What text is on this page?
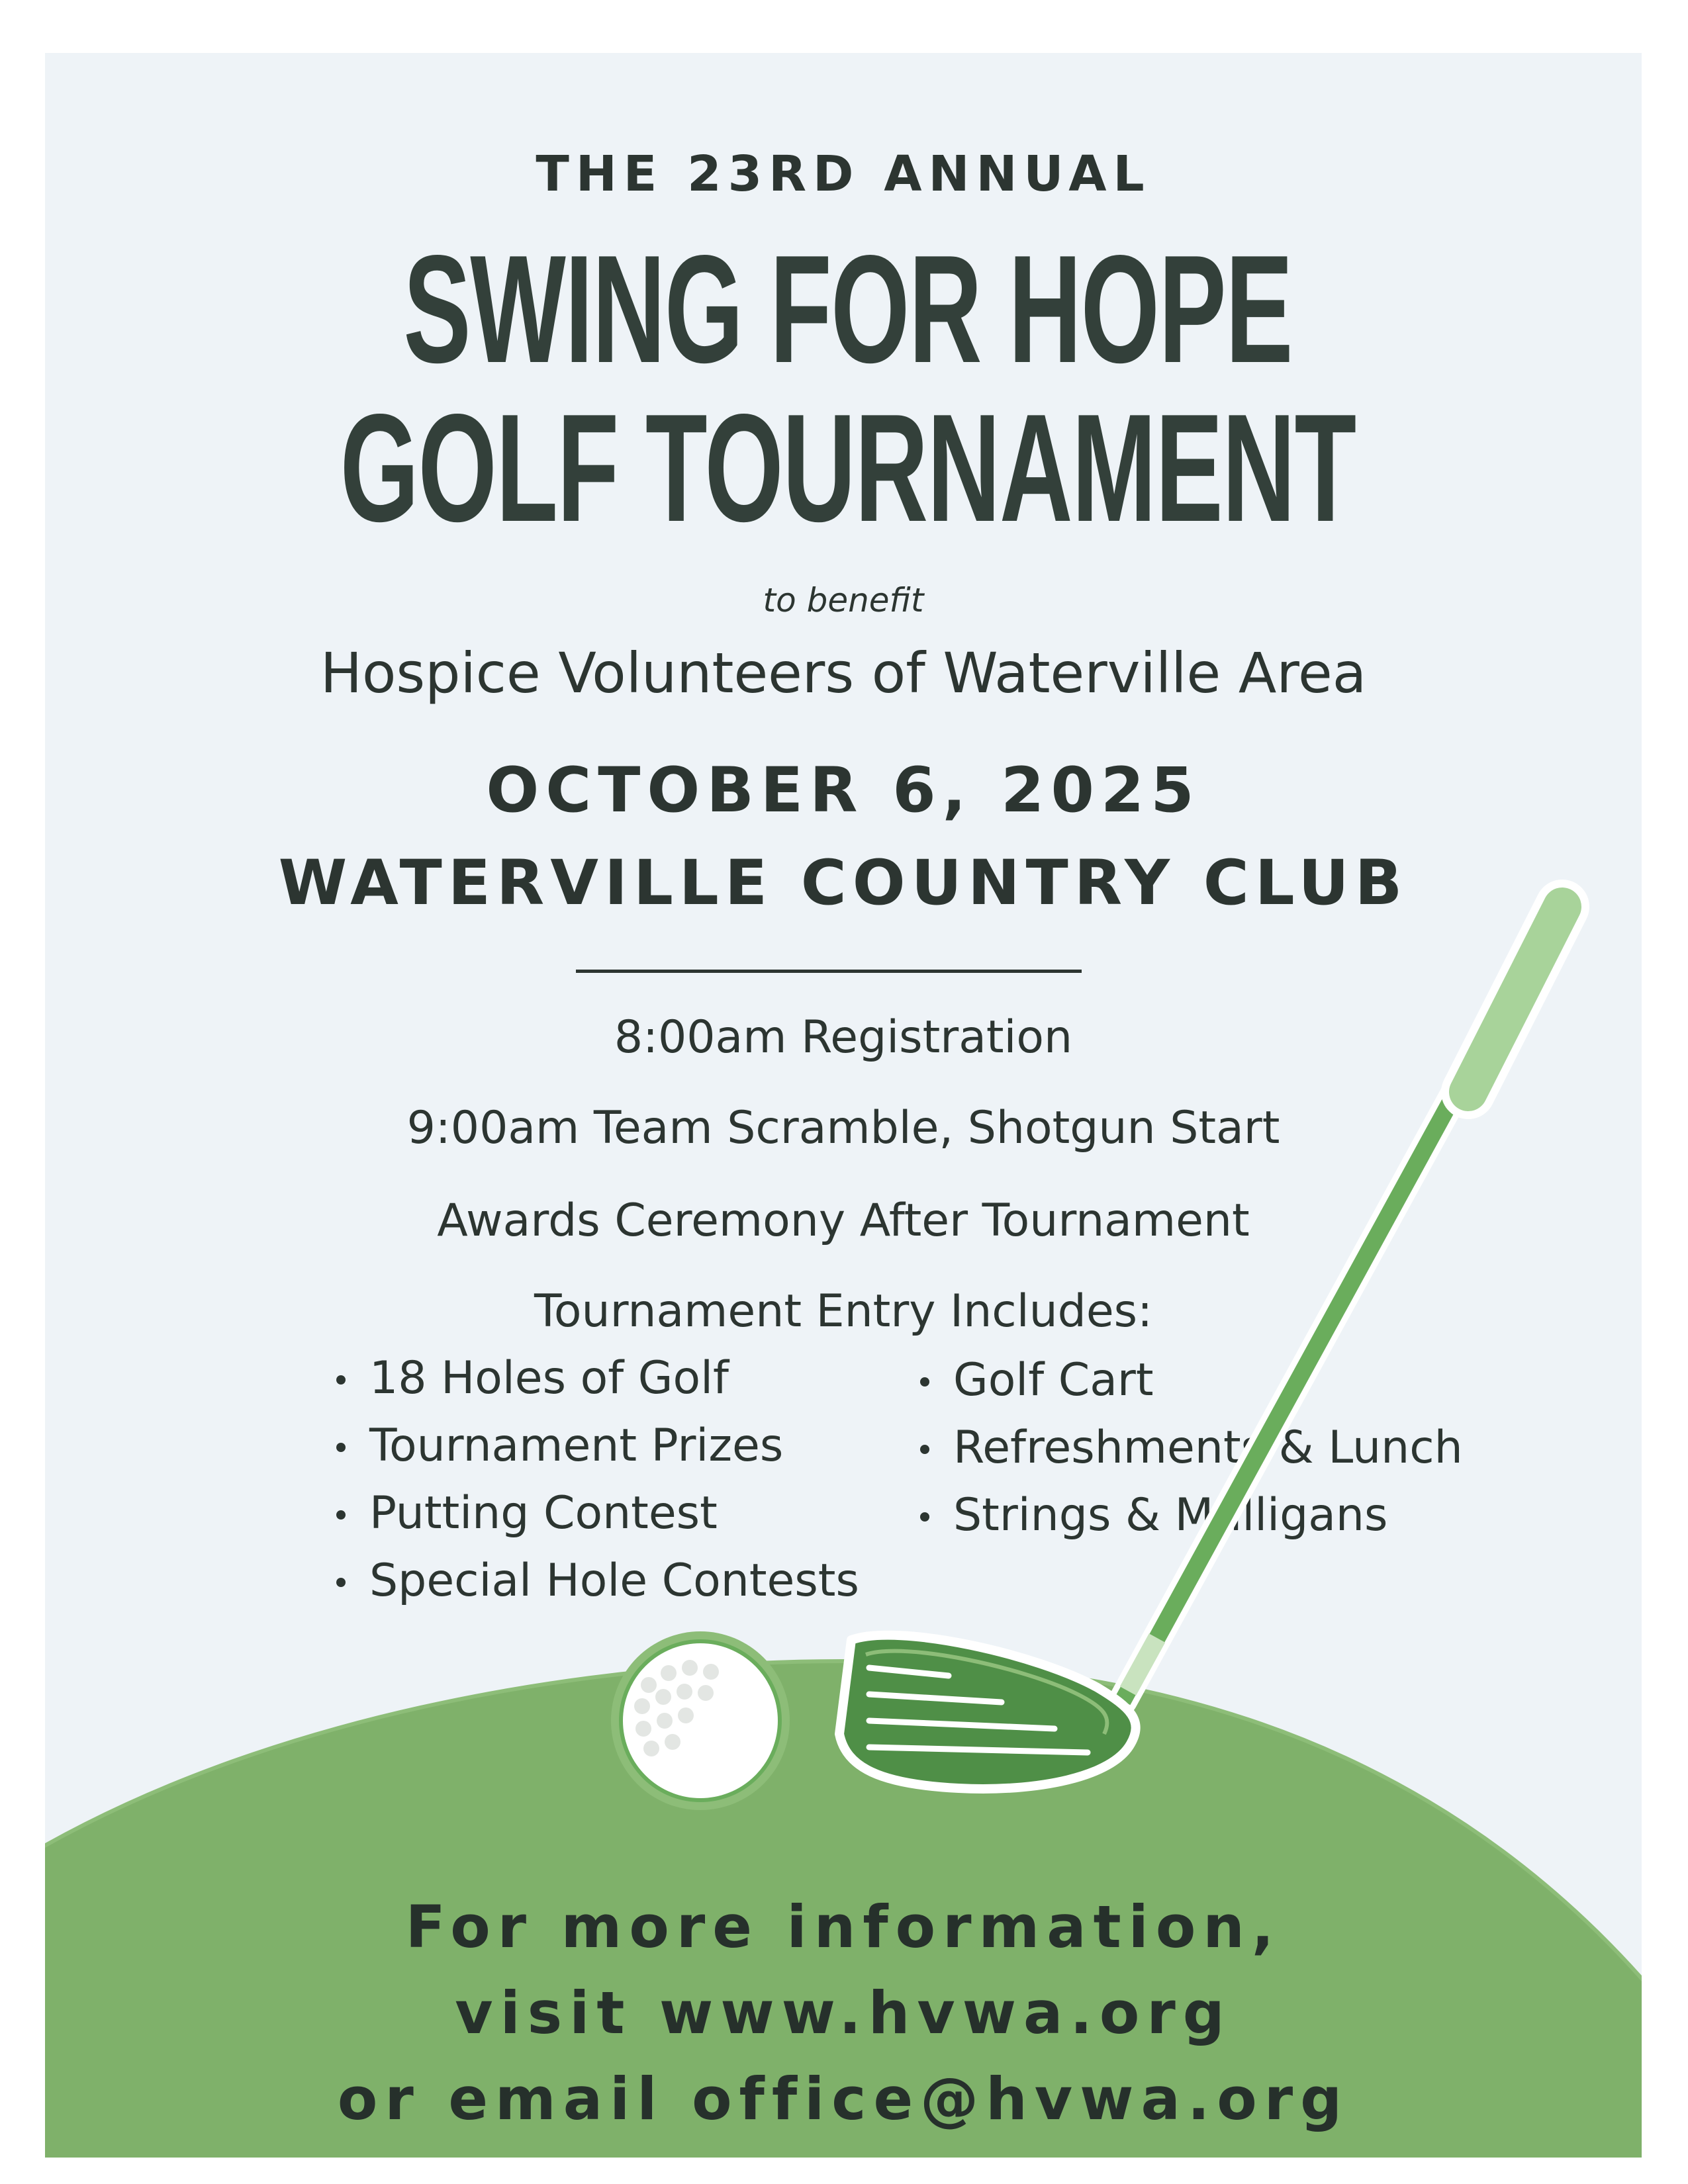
THE 23RD ANNUAL

SWING FOR HOPE
GOLF TOURNAMENT

to benefit

Hospice Volunteers of Waterville Area

OCTOBER 6, 2025

WATERVILLE COUNTRY CLUB

8:00am Registration
9:00am Team Scramble, Shotgun Start
Awards Ceremony After Tournament

Tournament Entry Includes:

18 Holes of Golf
Tournament Prizes
Putting Contest
Special Hole Contests
Golf Cart
Refreshments & Lunch
Strings & Mulligans
For more information,
visit www.hvwa.org
or email office@hvwa.org
